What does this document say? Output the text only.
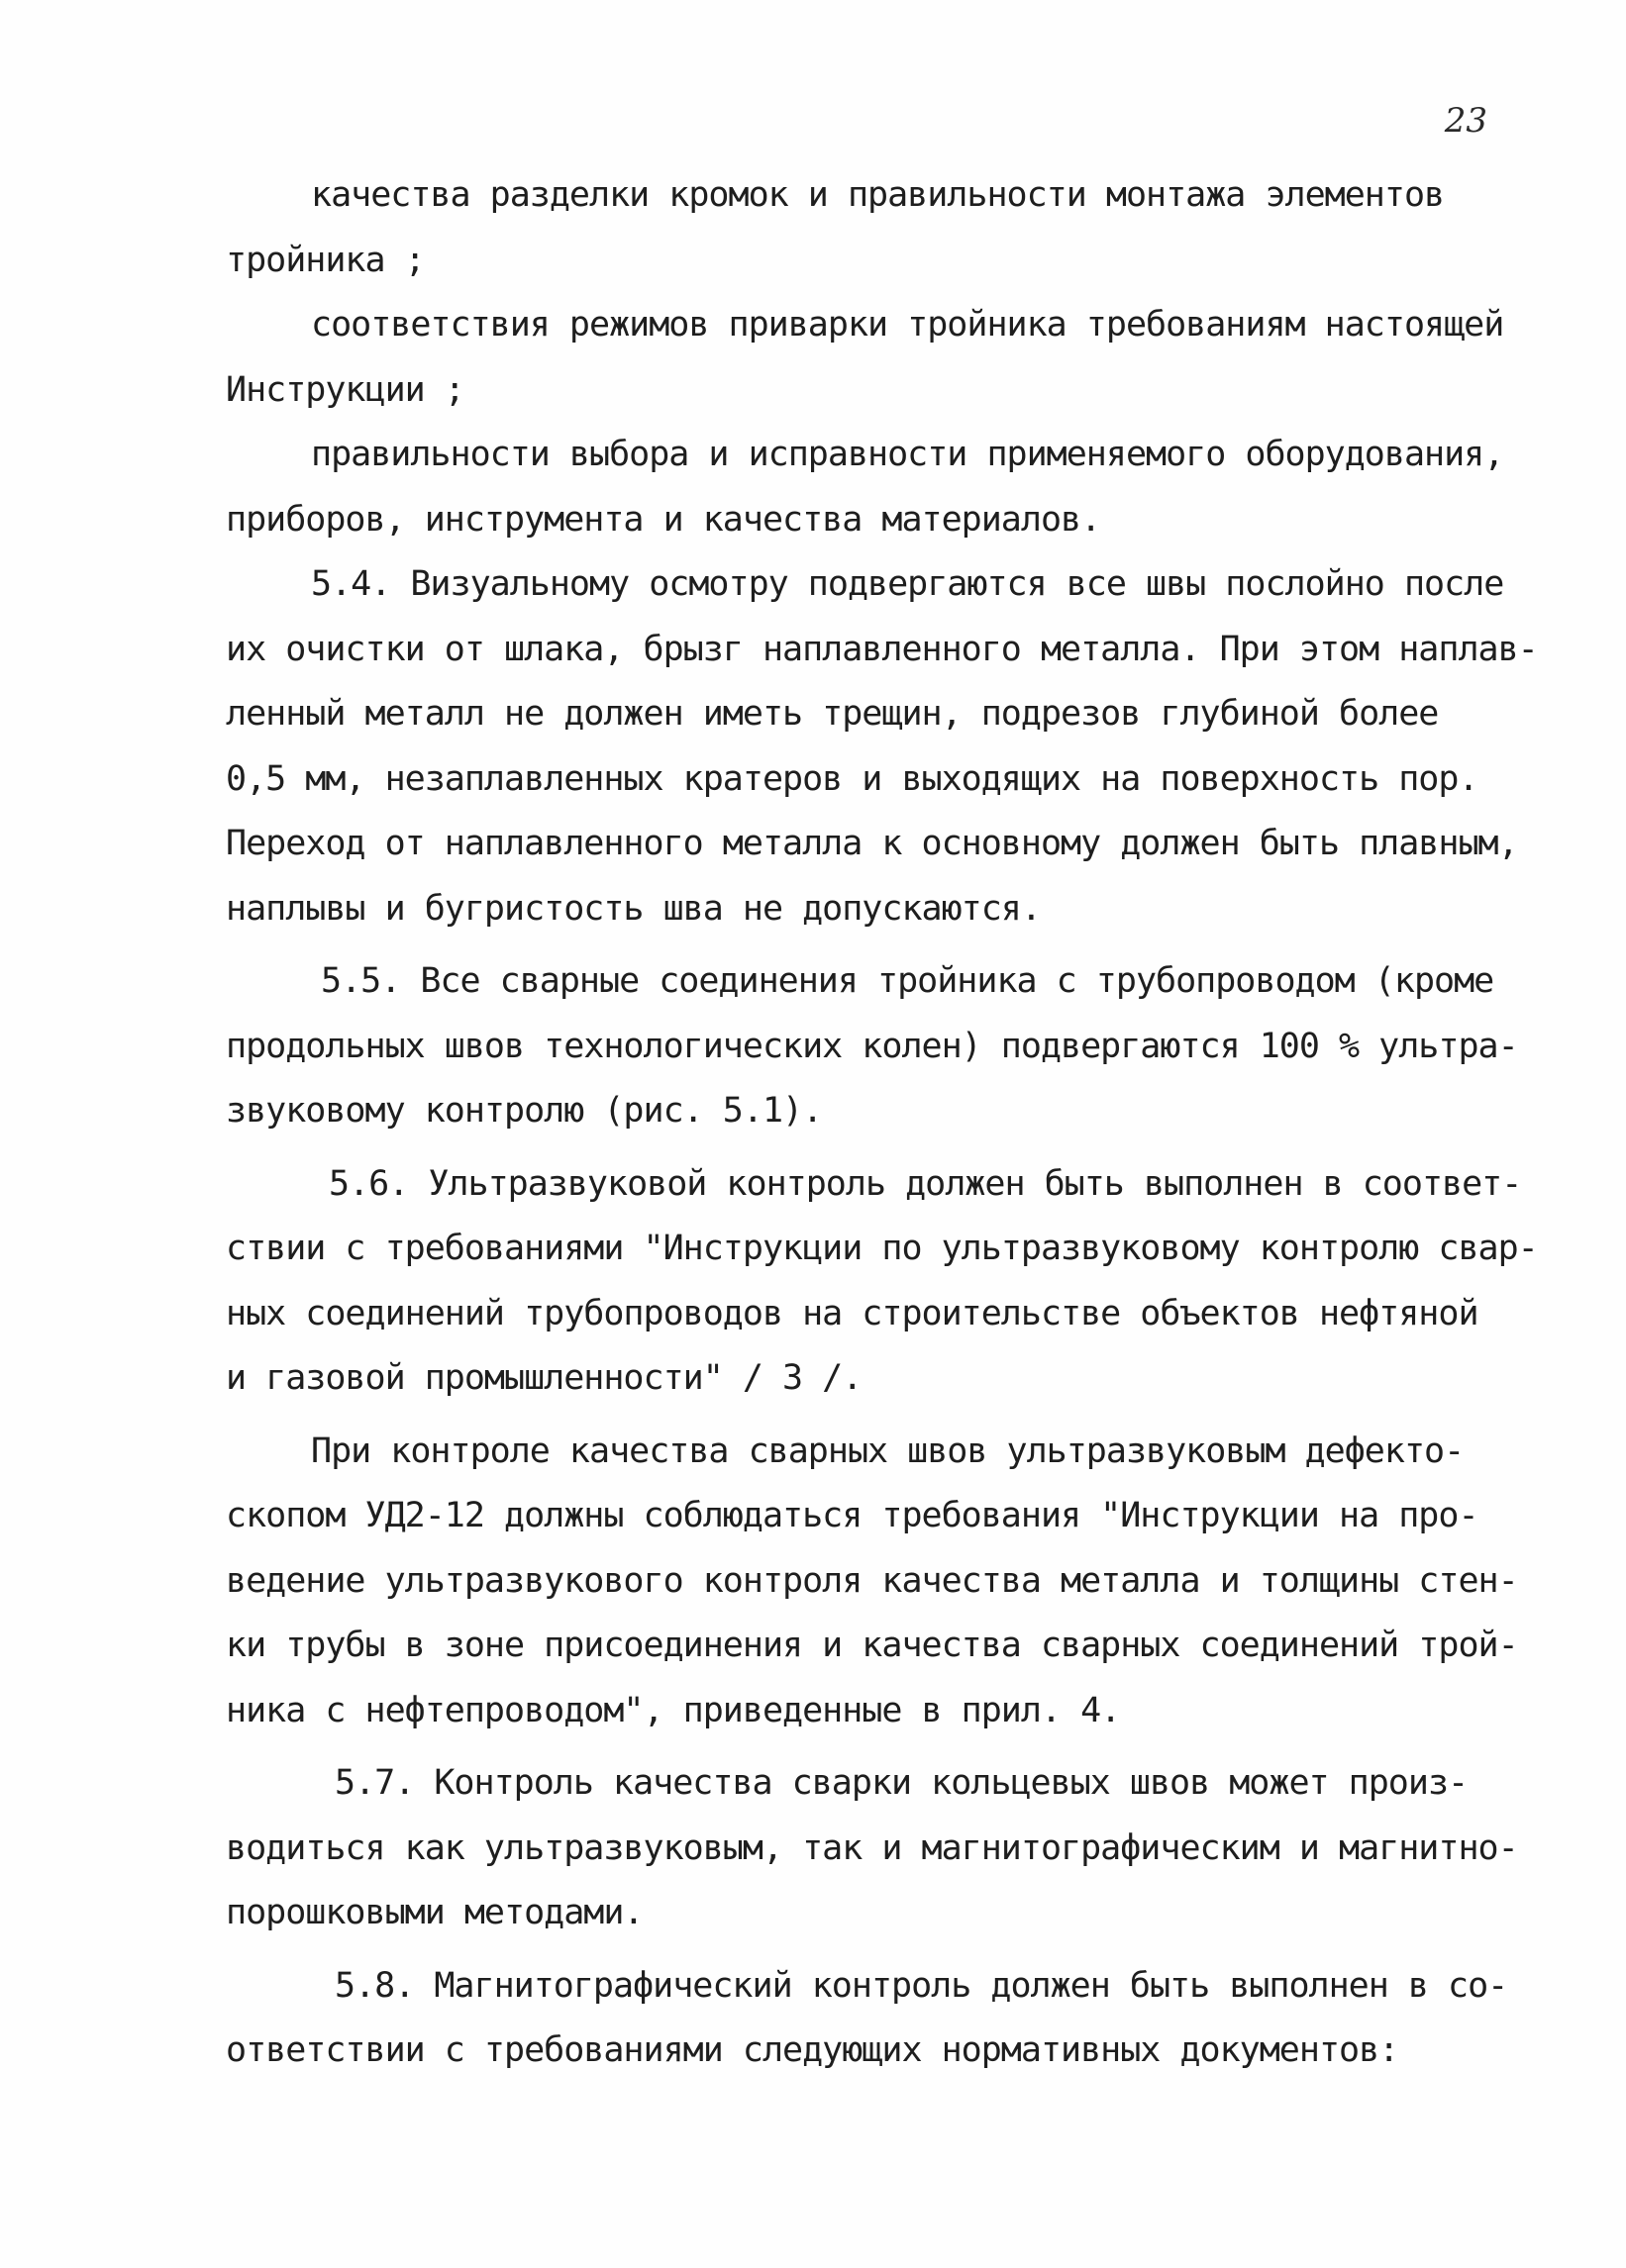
23
качества разделки кромок и правильности монтажа элементов
тройника ;
соответствия режимов приварки тройника требованиям настоящей
Инструкции ;
правильности выбора и исправности применяемого оборудования,
приборов, инструмента и качества материалов.
5.4. Визуальному осмотру подвергаются все швы послойно после
их очистки от шлака, брызг наплавленного металла. При этом наплав-
ленный металл не должен иметь трещин, подрезов глубиной более
0,5 мм, незаплавленных кратеров и выходящих на поверхность пор.
Переход от наплавленного металла к основному должен быть плавным,
наплывы и бугристость шва не допускаются.
5.5. Все сварные соединения тройника с трубопроводом (кроме
продольных швов технологических колен) подвергаются 100 % ультра-
звуковому контролю (рис. 5.1).
5.6. Ультразвуковой контроль должен быть выполнен в соответ-
ствии с требованиями "Инструкции по ультразвуковому контролю свар-
ных соединений трубопроводов на строительстве объектов нефтяной
и газовой промышленности" / 3 /.
При контроле качества сварных швов ультразвуковым дефекто-
скопом УД2-12 должны соблюдаться требования "Инструкции на про-
ведение ультразвукового контроля качества металла и толщины стен-
ки трубы в зоне присоединения и качества сварных соединений трой-
ника с нефтепроводом", приведенные в прил. 4.
5.7. Контроль качества сварки кольцевых швов может произ-
водиться как ультразвуковым, так и магнитографическим и магнитно-
порошковыми методами.
5.8. Магнитографический контроль должен быть выполнен в со-
ответствии с требованиями следующих нормативных документов:
